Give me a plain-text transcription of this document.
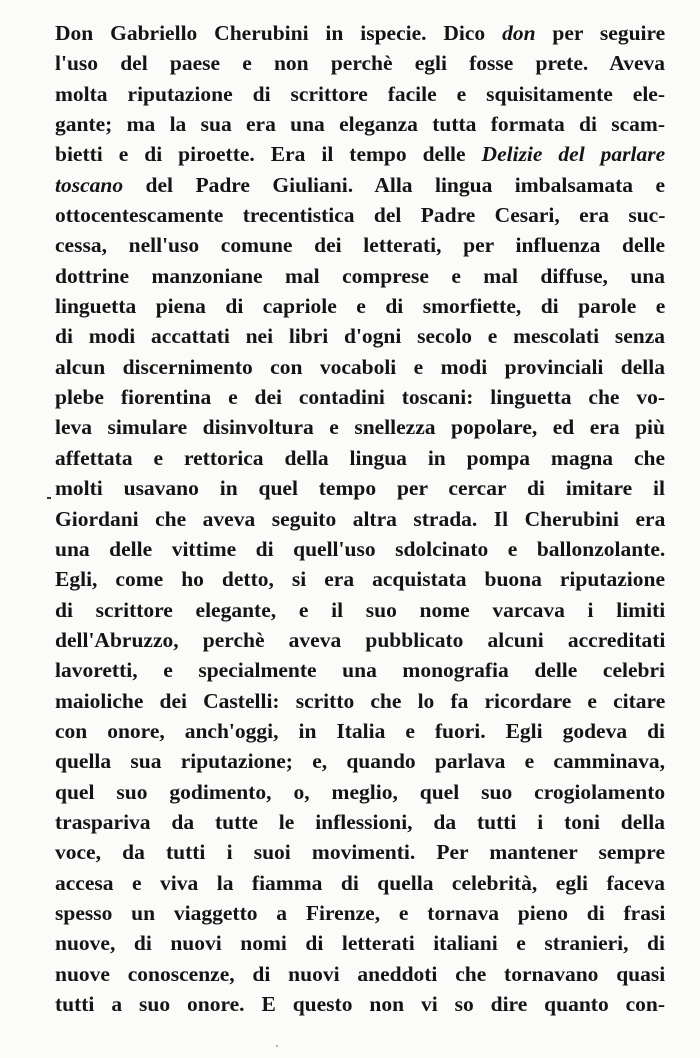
Don Gabriello Cherubini in ispecie. Dico don per seguire
l'uso del paese e non perchè egli fosse prete. Aveva
molta riputazione di scrittore facile e squisitamente ele-
gante; ma la sua era una eleganza tutta formata di scam-
bietti e di piroette. Era il tempo delle Delizie del parlare
toscano del Padre Giuliani. Alla lingua imbalsamata e
ottocentescamente trecentistica del Padre Cesari, era suc-
cessa, nell'uso comune dei letterati, per influenza delle
dottrine manzoniane mal comprese e mal diffuse, una
linguetta piena di capriole e di smorfiette, di parole e
di modi accattati nei libri d'ogni secolo e mescolati senza
alcun discernimento con vocaboli e modi provinciali della
plebe fiorentina e dei contadini toscani: linguetta che vo-
leva simulare disinvoltura e snellezza popolare, ed era più
affettata e rettorica della lingua in pompa magna che
molti usavano in quel tempo per cercar di imitare il
Giordani che aveva seguito altra strada. Il Cherubini era
una delle vittime di quell'uso sdolcinato e ballonzolante.
Egli, come ho detto, si era acquistata buona riputazione
di scrittore elegante, e il suo nome varcava i limiti
dell'Abruzzo, perchè aveva pubblicato alcuni accreditati
lavoretti, e specialmente una monografia delle celebri
maioliche dei Castelli: scritto che lo fa ricordare e citare
con onore, anch'oggi, in Italia e fuori. Egli godeva di
quella sua riputazione; e, quando parlava e camminava,
quel suo godimento, o, meglio, quel suo crogiolamento
traspariva da tutte le inflessioni, da tutti i toni della
voce, da tutti i suoi movimenti. Per mantener sempre
accesa e viva la fiamma di quella celebrità, egli faceva
spesso un viaggetto a Firenze, e tornava pieno di frasi
nuove, di nuovi nomi di letterati italiani e stranieri, di
nuove conoscenze, di nuovi aneddoti che tornavano quasi
tutti a suo onore. E questo non vi so dire quanto con-
